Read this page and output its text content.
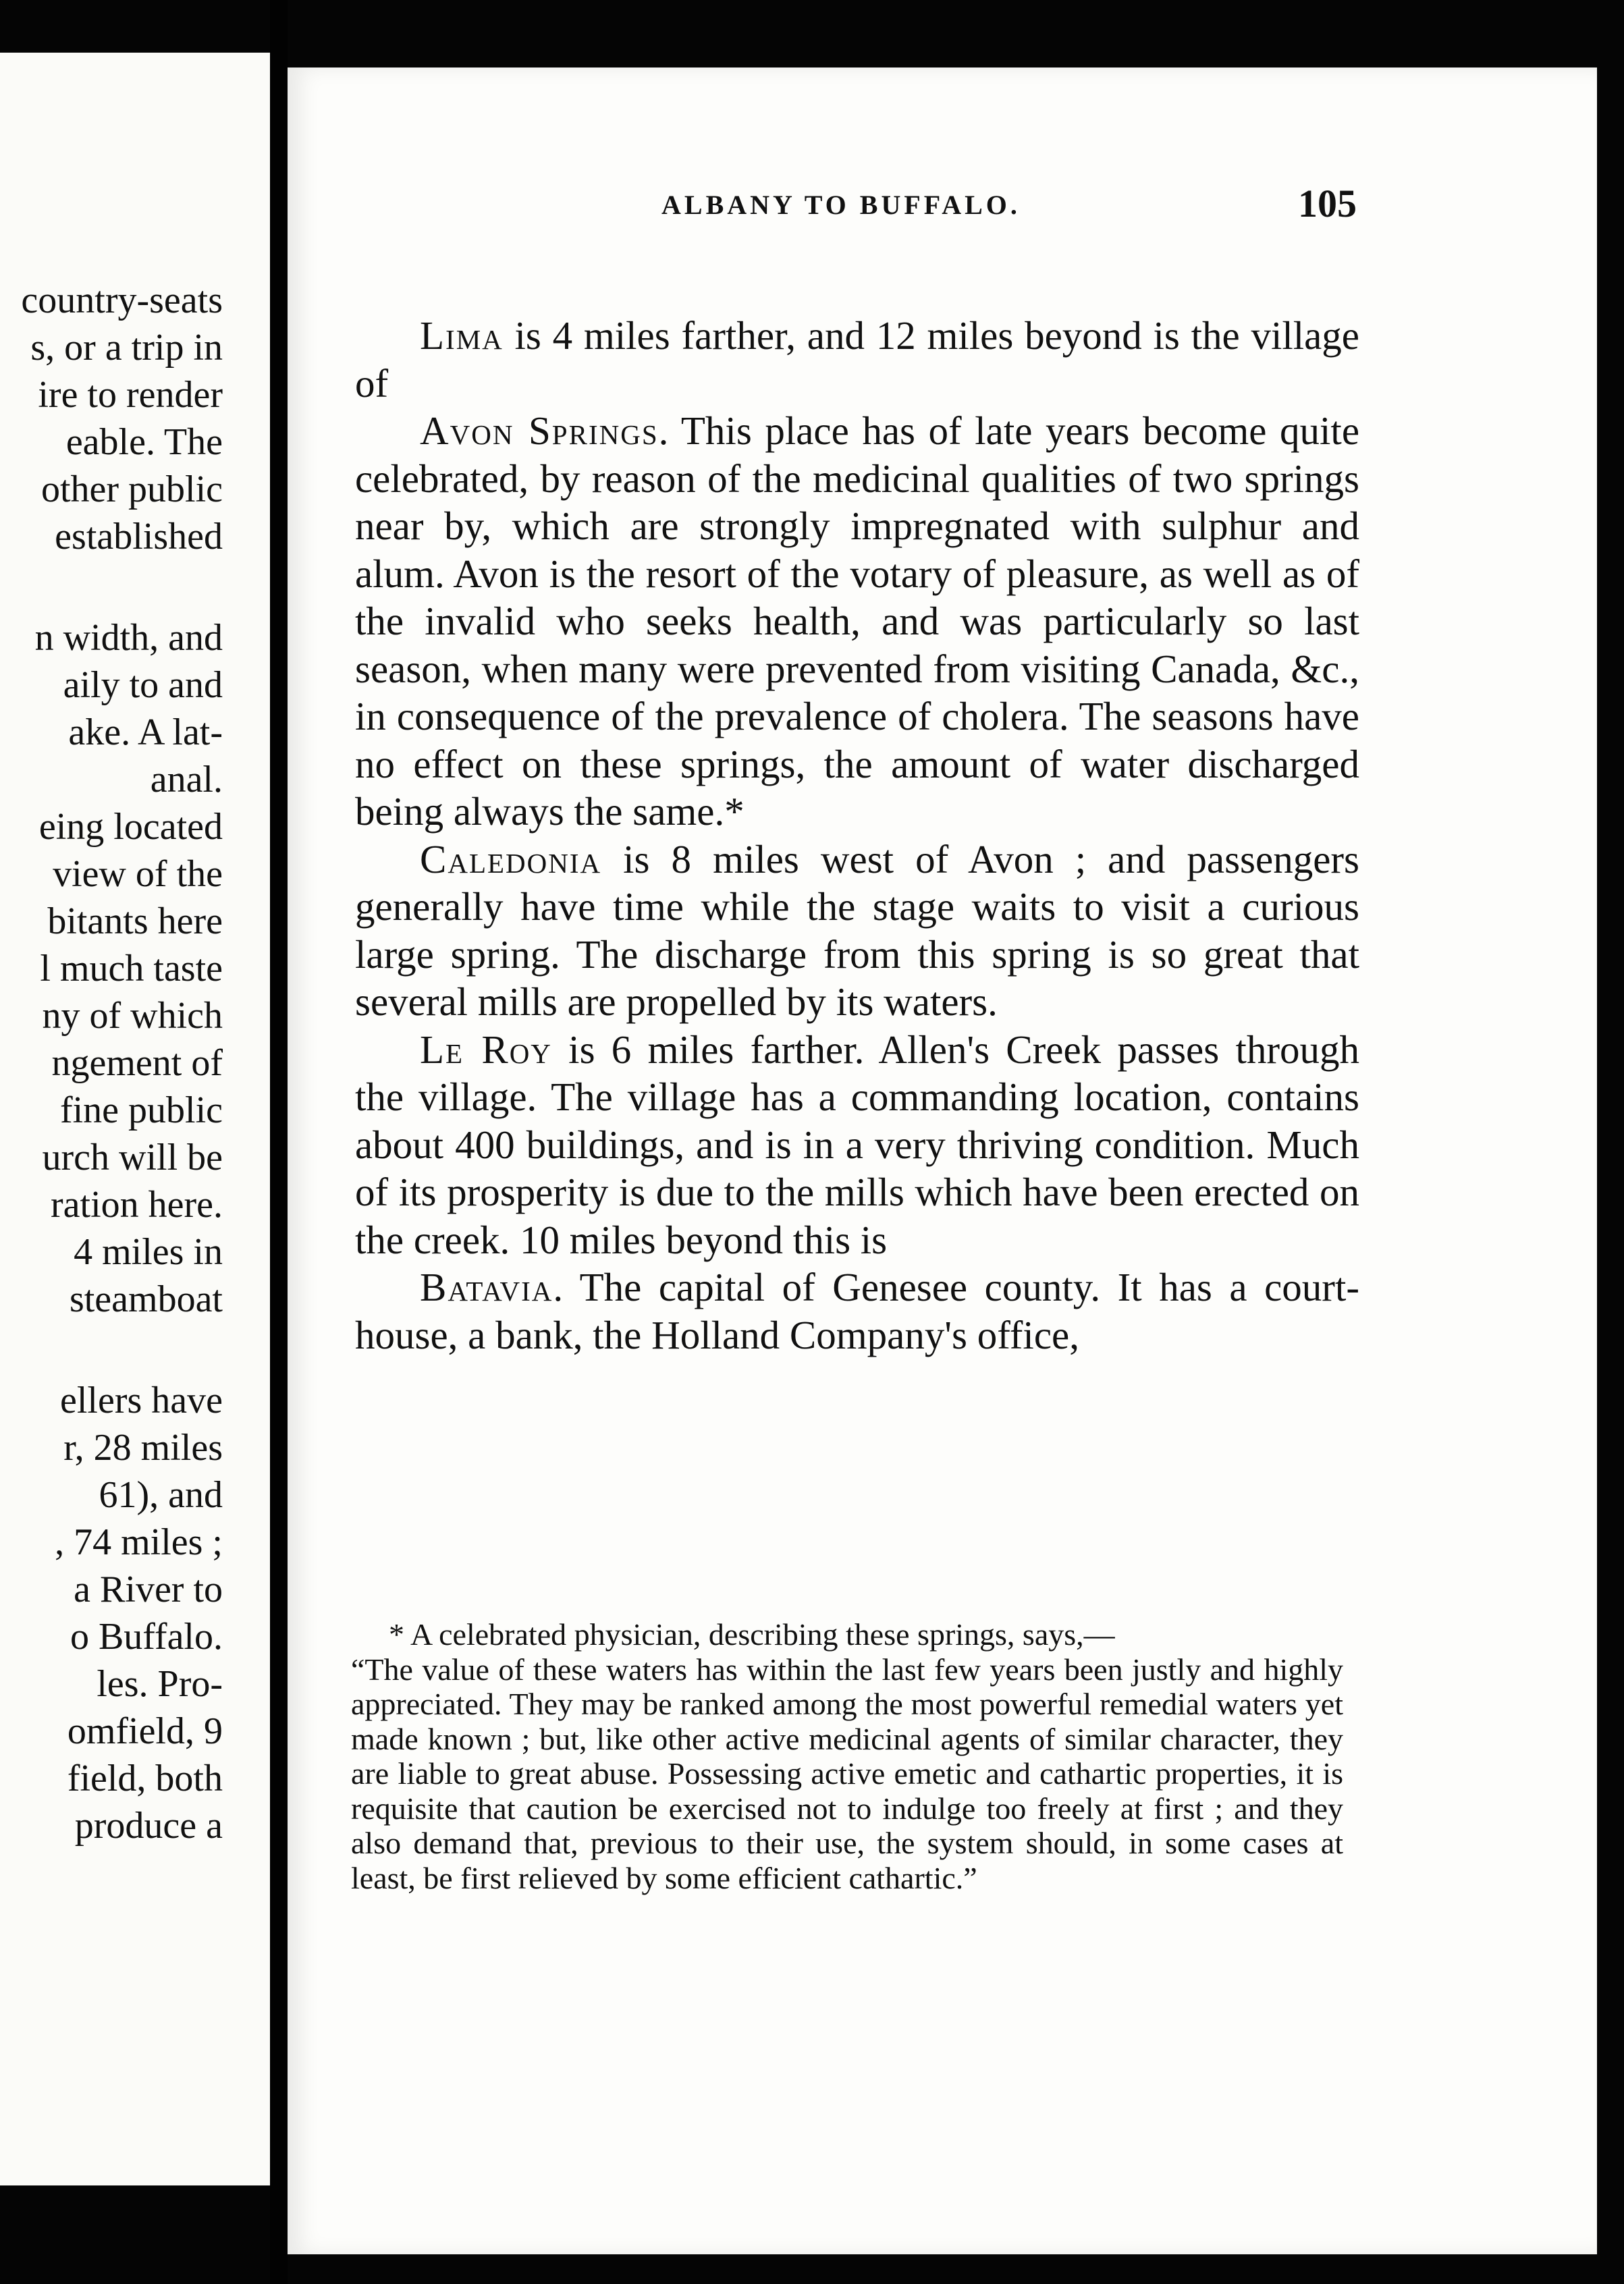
country-seats
s, or a trip in
ire to render
eable. The
other public
established
n width, and
aily to and
ake. A lat-
anal.
eing located
view of the
bitants here
l much taste
ny of which
ngement of
fine public
urch will be
ration here.
4 miles in
steamboat
ellers have
r, 28 miles
61), and
, 74 miles ;
a River to
o Buffalo.
les. Pro-
omfield, 9
field, both
produce a
ALBANY TO BUFFALO.	105

Lima is 4 miles farther, and 12 miles beyond is the village of

Avon Springs. This place has of late years become quite celebrated, by reason of the medicinal qualities of two springs near by, which are strongly impregnated with sulphur and alum. Avon is the resort of the votary of pleasure, as well as of the invalid who seeks health, and was particularly so last season, when many were prevented from visiting Canada, &c., in consequence of the prevalence of cholera. The seasons have no effect on these springs, the amount of water discharged being always the same.*

Caledonia is 8 miles west of Avon ; and passengers generally have time while the stage waits to visit a curious large spring. The discharge from this spring is so great that several mills are propelled by its waters.

Le Roy is 6 miles farther. Allen's Creek passes through the village. The village has a commanding location, contains about 400 buildings, and is in a very thriving condition. Much of its prosperity is due to the mills which have been erected on the creek. 10 miles beyond this is

Batavia. The capital of Genesee county. It has a court-house, a bank, the Holland Company's office,

* A celebrated physician, describing these springs, says,—

“The value of these waters has within the last few years been justly and highly appreciated. They may be ranked among the most powerful remedial waters yet made known ; but, like other active medicinal agents of similar character, they are liable to great abuse. Possessing active emetic and cathartic properties, it is requisite that caution be exercised not to indulge too freely at first ; and they also demand that, previous to their use, the system should, in some cases at least, be first relieved by some efficient cathartic.”
